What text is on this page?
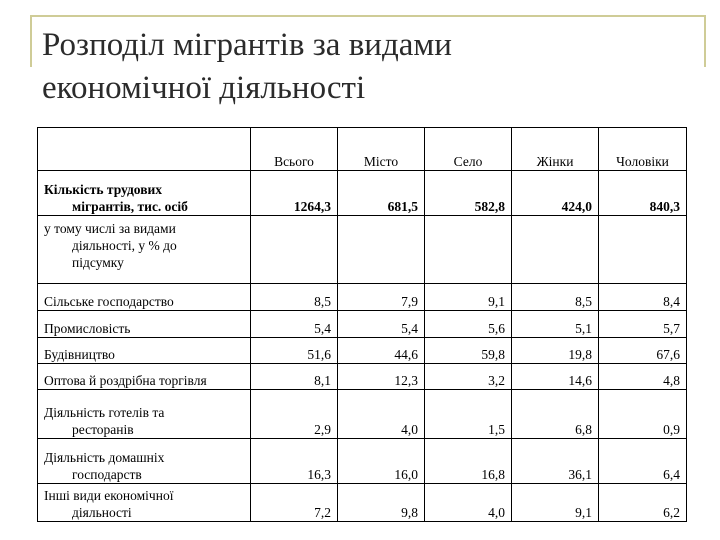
Розподіл мігрантів за видами
економічної діяльності
	Всього	Місто	Село	Жінки	Чоловіки

Кількість трудових
мігрантів, тис. осіб	1264,3	681,5	582,8	424,0	840,3

у тому числі за видами
діяльності, у % до
підсумку					

Сільське господарство	8,5	7,9	9,1	8,5	8,4
Промисловість	5,4	5,4	5,6	5,1	5,7
Будівництво	51,6	44,6	59,8	19,8	67,6
Оптова й роздрібна торгівля	8,1	12,3	3,2	14,6	4,8

Діяльність готелів та
ресторанів	2,9	4,0	1,5	6,8	0,9

Діяльність домашніх
господарств	16,3	16,0	16,8	36,1	6,4

Інші види економічної
діяльності	7,2	9,8	4,0	9,1	6,2
